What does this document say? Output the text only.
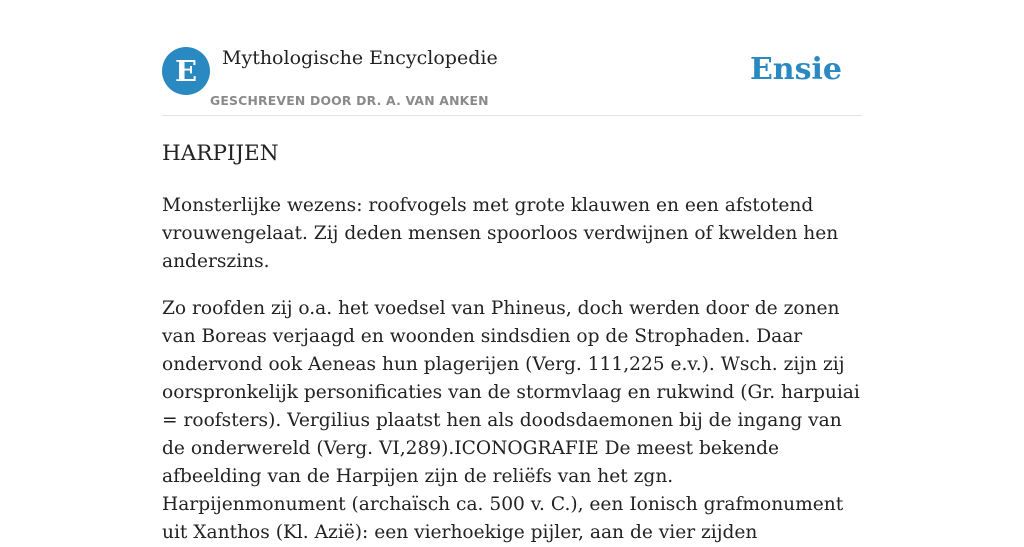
E	Mythologische Encyclopedie
GESCHREVEN DOOR DR. A. VAN ANKEN
Ensie
HARPIJEN

Monsterlijke wezens: roofvogels met grote klauwen en een afstotend vrouwengelaat. Zij deden mensen spoorloos verdwijnen of kwelden hen anderszins.

Zo roofden zij o.a. het voedsel van Phineus, doch werden door de zonen van Boreas verjaagd en woonden sindsdien op de Strophaden. Daar ondervond ook Aeneas hun plagerijen (Verg. 111,225 e.v.). Wsch. zijn zij oorspronkelijk personificaties van de stormvlaag en rukwind (Gr. harpuiai = roofsters). Vergilius plaatst hen als doodsdaemonen bij de ingang van de onderwereld (Verg. VI,289).ICONOGRAFIE De meest bekende afbeelding van de Harpijen zijn de reliëfs van het zgn. Harpijenmonument (archaïsch ca. 500 v. C.), een Ionisch grafmonument uit Xanthos (Kl. Azië): een vierhoekige pijler, aan de vier zijden
